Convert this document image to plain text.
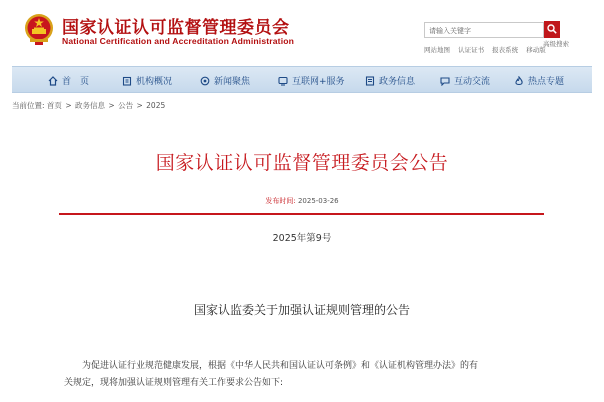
国家认证认可监督管理委员会
National Certification and Accreditation Administration
请输入关键字
高级搜索
网站地图 认证证书 报表系统 移动版
首　页	机构概况	新闻聚焦	互联网+服务	政务信息	互动交流	热点专题
当前位置: 首页 > 政务信息 > 公告 > 2025
国家认证认可监督管理委员会公告
发布时间: 2025-03-26
2025年第9号
国家认监委关于加强认证规则管理的公告
为促进认证行业规范健康发展，根据《中华人民共和国认证认可条例》和《认证机构管理办法》的有
关规定，现将加强认证规则管理有关工作要求公告如下:
